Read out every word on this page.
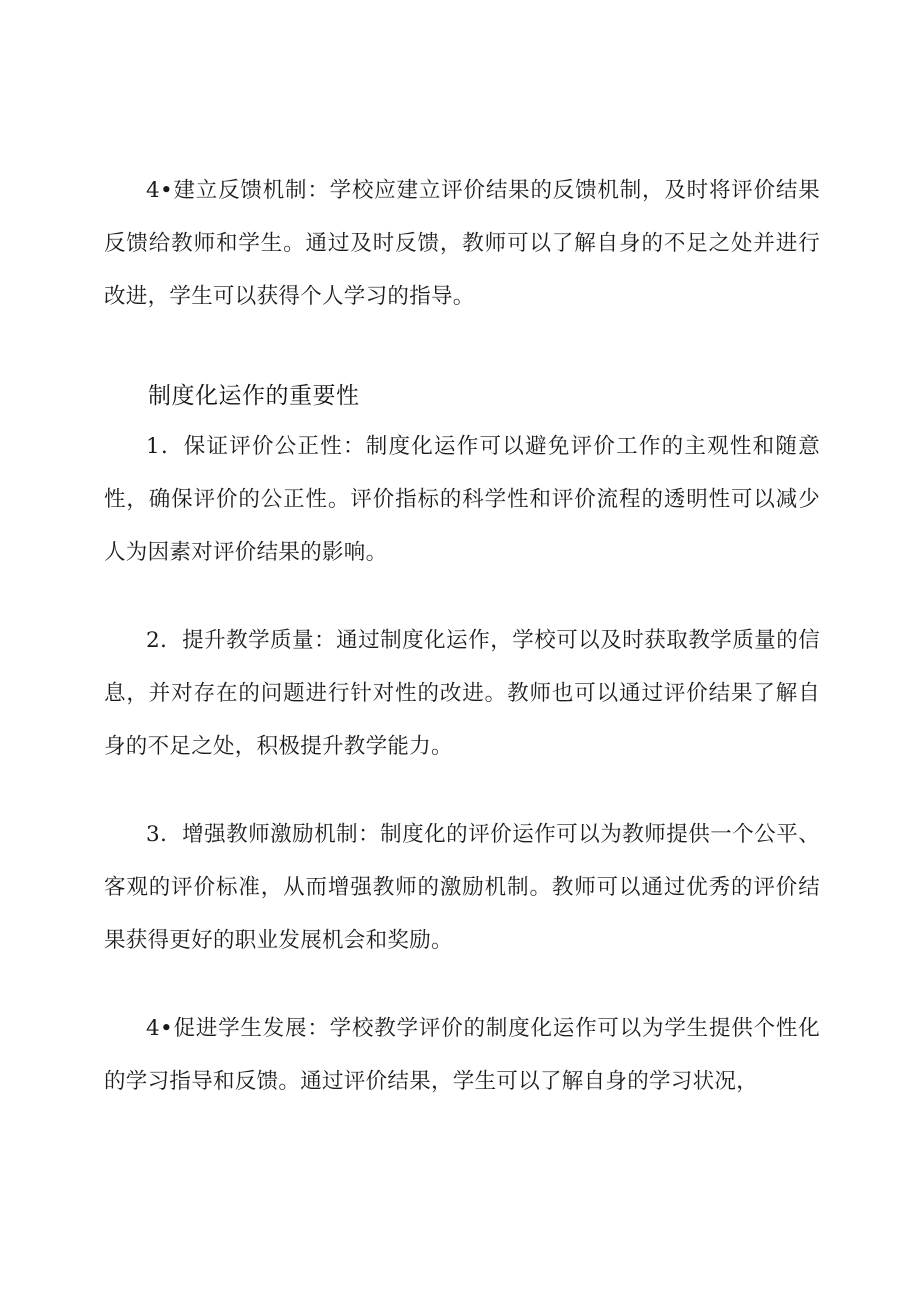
4•建立反馈机制：学校应建立评价结果的反馈机制，及时将评价结果反馈给教师和学生。通过及时反馈，教师可以了解自身的不足之处并进行改进，学生可以获得个人学习的指导。

制度化运作的重要性

1．保证评价公正性：制度化运作可以避免评价工作的主观性和随意性，确保评价的公正性。评价指标的科学性和评价流程的透明性可以减少人为因素对评价结果的影响。

2．提升教学质量：通过制度化运作，学校可以及时获取教学质量的信息，并对存在的问题进行针对性的改进。教师也可以通过评价结果了解自身的不足之处，积极提升教学能力。

3．增强教师激励机制：制度化的评价运作可以为教师提供一个公平、客观的评价标准，从而增强教师的激励机制。教师可以通过优秀的评价结果获得更好的职业发展机会和奖励。

4•促进学生发展：学校教学评价的制度化运作可以为学生提供个性化的学习指导和反馈。通过评价结果，学生可以了解自身的学习状况，
